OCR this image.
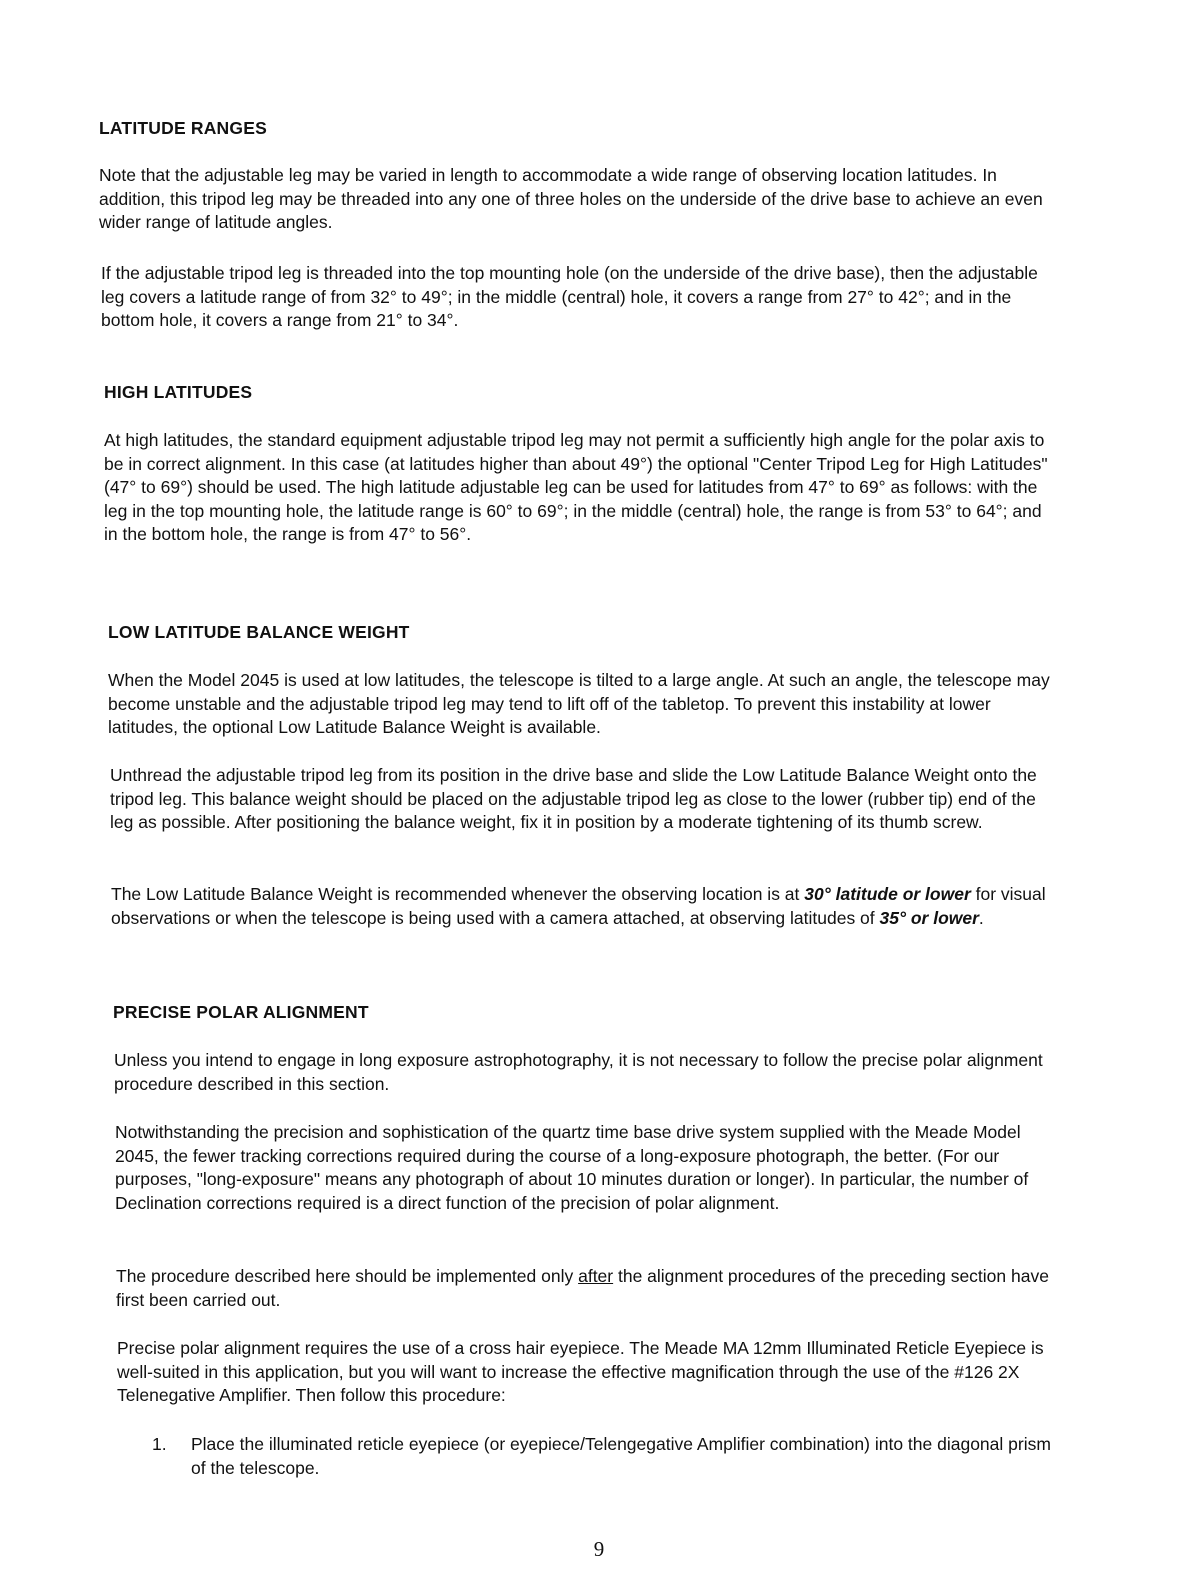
LATITUDE RANGES

Note that the adjustable leg may be varied in length to accommodate a wide range of observing location latitudes. In addition, this tripod leg may be threaded into any one of three holes on the underside of the drive base to achieve an even wider range of latitude angles.

If the adjustable tripod leg is threaded into the top mounting hole (on the underside of the drive base), then the adjustable leg covers a latitude range of from 32° to 49°; in the middle (central) hole, it covers a range from 27° to 42°; and in the bottom hole, it covers a range from 21° to 34°.

HIGH LATITUDES

At high latitudes, the standard equipment adjustable tripod leg may not permit a sufficiently high angle for the polar axis to be in correct alignment. In this case (at latitudes higher than about 49°) the optional "Center Tripod Leg for High Latitudes" (47° to 69°) should be used. The high latitude adjustable leg can be used for latitudes from 47° to 69° as follows: with the leg in the top mounting hole, the latitude range is 60° to 69°; in the middle (central) hole, the range is from 53° to 64°; and in the bottom hole, the range is from 47° to 56°.

LOW LATITUDE BALANCE WEIGHT

When the Model 2045 is used at low latitudes, the telescope is tilted to a large angle. At such an angle, the telescope may become unstable and the adjustable tripod leg may tend to lift off of the tabletop. To prevent this instability at lower latitudes, the optional Low Latitude Balance Weight is available.

Unthread the adjustable tripod leg from its position in the drive base and slide the Low Latitude Balance Weight onto the tripod leg. This balance weight should be placed on the adjustable tripod leg as close to the lower (rubber tip) end of the leg as possible. After positioning the balance weight, fix it in position by a moderate tightening of its thumb screw.

The Low Latitude Balance Weight is recommended whenever the observing location is at 30° latitude or lower for visual observations or when the telescope is being used with a camera attached, at observing latitudes of 35° or lower.

PRECISE POLAR ALIGNMENT

Unless you intend to engage in long exposure astrophotography, it is not necessary to follow the precise polar alignment procedure described in this section.

Notwithstanding the precision and sophistication of the quartz time base drive system supplied with the Meade Model 2045, the fewer tracking corrections required during the course of a long-exposure photograph, the better. (For our purposes, "long-exposure" means any photograph of about 10 minutes duration or longer). In particular, the number of Declination corrections required is a direct function of the precision of polar alignment.

The procedure described here should be implemented only after the alignment procedures of the preceding section have first been carried out.

Precise polar alignment requires the use of a cross hair eyepiece. The Meade MA 12mm Illuminated Reticle Eyepiece is well-suited in this application, but you will want to increase the effective magnification through the use of the #126 2X Telenegative Amplifier. Then follow this procedure:

1. Place the illuminated reticle eyepiece (or eyepiece/Telengegative Amplifier combination) into the diagonal prism of the telescope.
9
